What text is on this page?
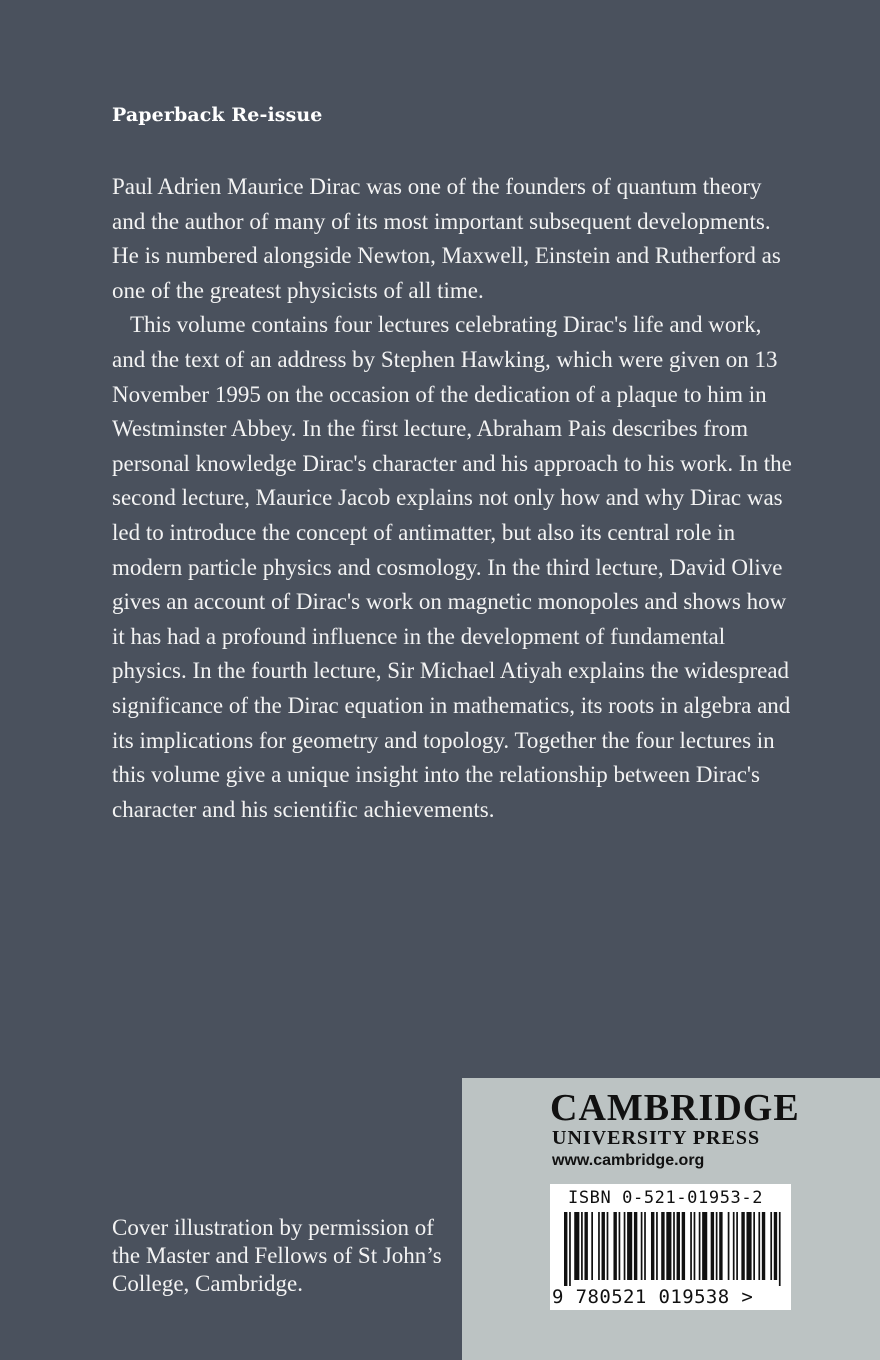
Paperback Re-issue

Paul Adrien Maurice Dirac was one of the founders of quantum theory and the author of many of its most important subsequent developments. He is numbered alongside Newton, Maxwell, Einstein and Rutherford as one of the greatest physicists of all time.

This volume contains four lectures celebrating Dirac's life and work, and the text of an address by Stephen Hawking, which were given on 13 November 1995 on the occasion of the dedication of a plaque to him in Westminster Abbey. In the first lecture, Abraham Pais describes from personal knowledge Dirac's character and his approach to his work. In the second lecture, Maurice Jacob explains not only how and why Dirac was led to introduce the concept of antimatter, but also its central role in modern particle physics and cosmology. In the third lecture, David Olive gives an account of Dirac's work on magnetic monopoles and shows how it has had a profound influence in the development of fundamental physics. In the fourth lecture, Sir Michael Atiyah explains the widespread significance of the Dirac equation in mathematics, its roots in algebra and its implications for geometry and topology. Together the four lectures in this volume give a unique insight into the relationship between Dirac's character and his scientific achievements.

Cover illustration by permission of the Master and Fellows of St John’s College, Cambridge.

CAMBRIDGE

UNIVERSITY PRESS

www.cambridge.org

ISBN 0-521-01953-2

9 780521 019538 >
